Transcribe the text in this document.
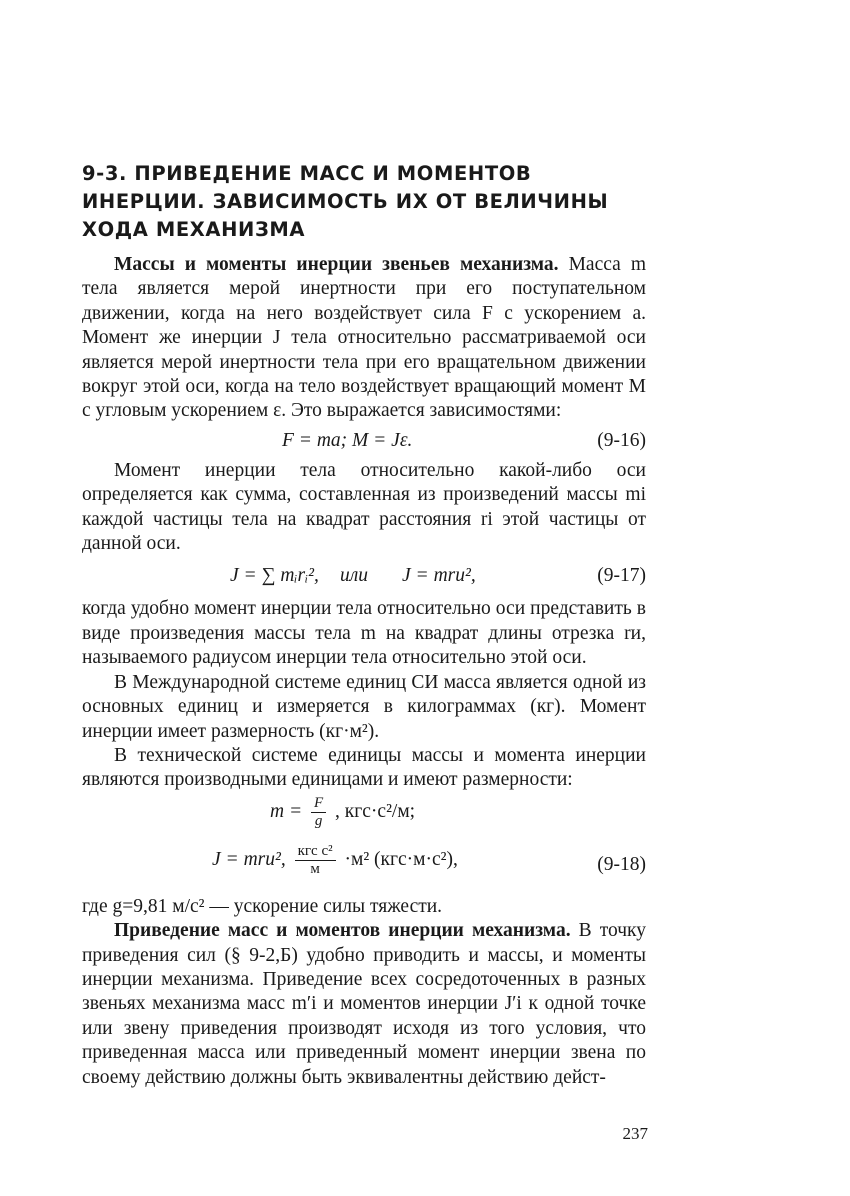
9-3. ПРИВЕДЕНИЕ МАСС И МОМЕНТОВ
ИНЕРЦИИ. ЗАВИСИМОСТЬ ИХ ОТ ВЕЛИЧИНЫ
ХОДА МЕХАНИЗМА

Массы и моменты инерции звеньев механизма. Масса m тела является мерой инертности при его поступательном движении, когда на него воздействует сила F с ускорением a. Момент же инерции J тела относительно рассматриваемой оси является мерой инертности тела при его вращательном движении вокруг этой оси, когда на тело воздействует вращающий момент M с угловым ускорением ε. Это выражается зависимостями:

F = ma; M = Jε.	(9-16)

Момент инерции тела относительно какой-либо оси определяется как сумма, составленная из произведений массы mi каждой частицы тела на квадрат расстояния ri этой частицы от данной оси.

J = ∑ mᵢrᵢ², или J = mrи²,	(9-17)

когда удобно момент инерции тела относительно оси представить в виде произведения массы тела m на квадрат длины отрезка rи, называемого радиусом инерции тела относительно этой оси.

В Международной системе единиц СИ масса является одной из основных единиц и измеряется в килограммах (кг). Момент инерции имеет размерность (кг·м²).

В технической системе единицы массы и момента инерции являются производными единицами и имеют размерности:

$m = \frac{F}{g}$ , кгс·с²/м;
J = mrи², $\frac{\text{кгс с²}}{м} \cdot м^2$ (кгс·м·с²),	(9-18)

где g=9,81 м/с² — ускорение силы тяжести.

Приведение масс и моментов инерции механизма. В точку приведения сил (§ 9-2,Б) удобно приводить и массы, и моменты инерции механизма. Приведение всех сосредоточенных в разных звеньях механизма масс m′i и моментов инерции J′i к одной точке или звену приведения производят исходя из того условия, что приведенная масса или приведенный момент инерции звена по своему действию должны быть эквивалентны действию дейст-

237
